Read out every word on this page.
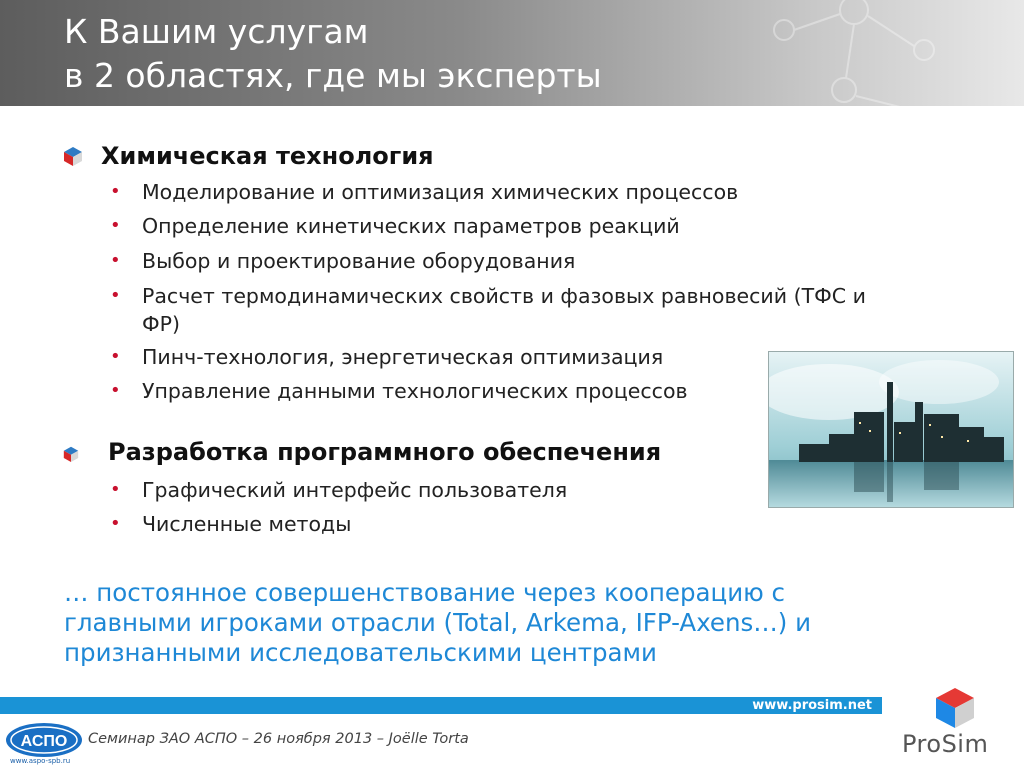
К Вашим услугам
в 2 областях, где мы эксперты
Химическая технология
• Моделирование и оптимизация химических процессов
• Определение кинетических параметров реакций
• Выбор и проектирование оборудования
• Расчет термодинамических свойств и фазовых равновесий (ТФС и
ФР)
• Пинч-технология, энергетическая оптимизация
• Управление данными технологических процессов
Разработка программного обеспечения
• Графический интерфейс пользователя
• Численные методы
… постоянное совершенствование через кооперацию с
главными игроками отрасли (Total, Arkema, IFP-Axens…) и
признанными исследовательскими центрами
www.prosim.net
АСПО
www.aspo-spb.ru
Семинар ЗАО АСПО – 26 ноября 2013 – Joëlle Torta	ProSim
